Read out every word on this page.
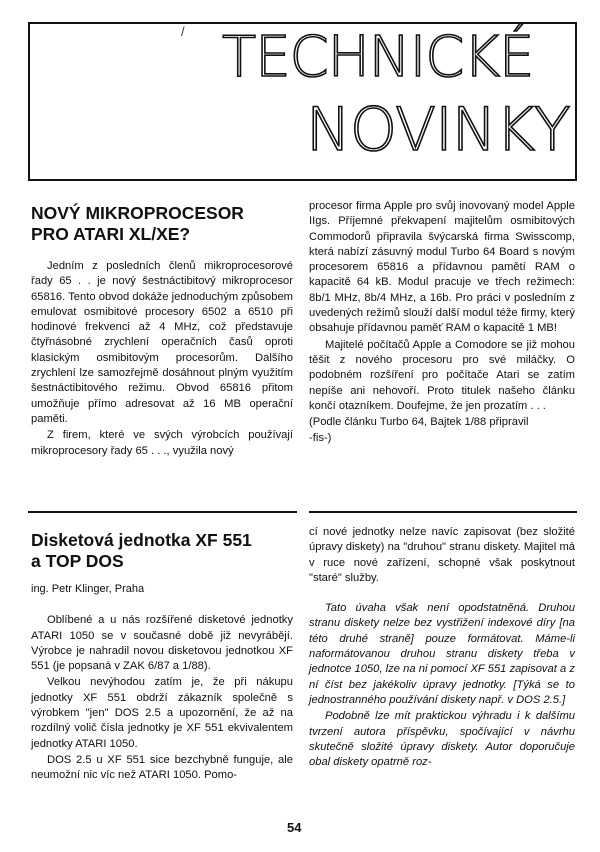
/ TECHNICKÉ
NOVINKY
NOVÝ MIKROPROCESOR
PRO ATARI XL/XE?

Jedním z posledních členů mikroprocesorové řady 65 . . je nový šestnáctibitový mikroprocesor 65816. Tento obvod dokáže jednoduchým způsobem emulovat osmibitové procesory 6502 a 6510 při hodinové frekvenci až 4 MHz, což představuje čtyřnásobné zrychlení operačních časů oproti klasickým osmibitovým procesorům. Dalšího zrychlení lze samozřejmě dosáhnout plným využitím šestnáctibitového režimu. Obvod 65816 přitom umožňuje přímo adresovat až 16 MB operační paměti.

Z firem, které ve svých výrobcích používají mikroprocesory řady 65 . . ., využila nový

procesor firma Apple pro svůj inovovaný model Apple IIgs. Příjemné překvapení majitelům osmibitových Commodorů připravila švýcarská firma Swisscomp, která nabízí zásuvný modul Turbo 64 Board s novým procesorem 65816 a přídavnou pamětí RAM o kapacitě 64 kB. Modul pracuje ve třech režimech: 8b/1 MHz, 8b/4 MHz, a 16b. Pro práci v posledním z uvedených režimů slouží další modul téže firmy, který obsahuje přídavnou paměť RAM o kapacitě 1 MB!

Majitelé počítačů Apple a Comodore se již mohou těšit z nového procesoru pro své miláčky. O podobném rozšíření pro počítače Atari se zatím nepíše ani nehovoří. Proto titulek našeho článku končí otazníkem. Doufejme, že jen prozatím . . .

(Podle článku Turbo 64, Bajtek 1/88 připravil

-fis-)

Disketová jednotka XF 551
a TOP DOS
ing. Petr Klinger, Praha

Oblíbené a u nás rozšířené disketové jednotky ATARI 1050 se v současné době již nevyrábějí. Výrobce je nahradil novou disketovou jednotkou XF 551 (je popsaná v ZAK 6/87 a 1/88).

Velkou nevýhodou zatím je, že při nákupu jednotky XF 551 obdrží zákazník společně s výrobkem "jen" DOS 2.5 a upozornění, že až na rozdílný volič čísla jednotky je XF 551 ekvivalentem jednotky ATARI 1050.

DOS 2.5 u XF 551 sice bezchybně funguje, ale neumožní nic víc než ATARI 1050. Pomo-

cí nové jednotky nelze navíc zapisovat (bez složité úpravy diskety) na "druhou" stranu diskety. Majitel má v ruce nové zařízení, schopné však poskytnout "staré" služby.

Tato úvaha však není opodstatněná. Druhou stranu diskety nelze bez vystřižení indexové díry [na této druhé straně] pouze formátovat. Máme-li naformátovanou druhou stranu diskety třeba v jednotce 1050, lze na ni pomocí XF 551 zapisovat a z ní číst bez jakékoliv úpravy jednotky. [Týká se to jednostranného používání diskety např. v DOS 2.5.]

Podobně lze mít praktickou výhradu i k dalšímu tvrzení autora příspěvku, spočívající v návrhu skutečně složité úpravy diskety. Autor doporučuje obal diskety opatrně roz-

54
